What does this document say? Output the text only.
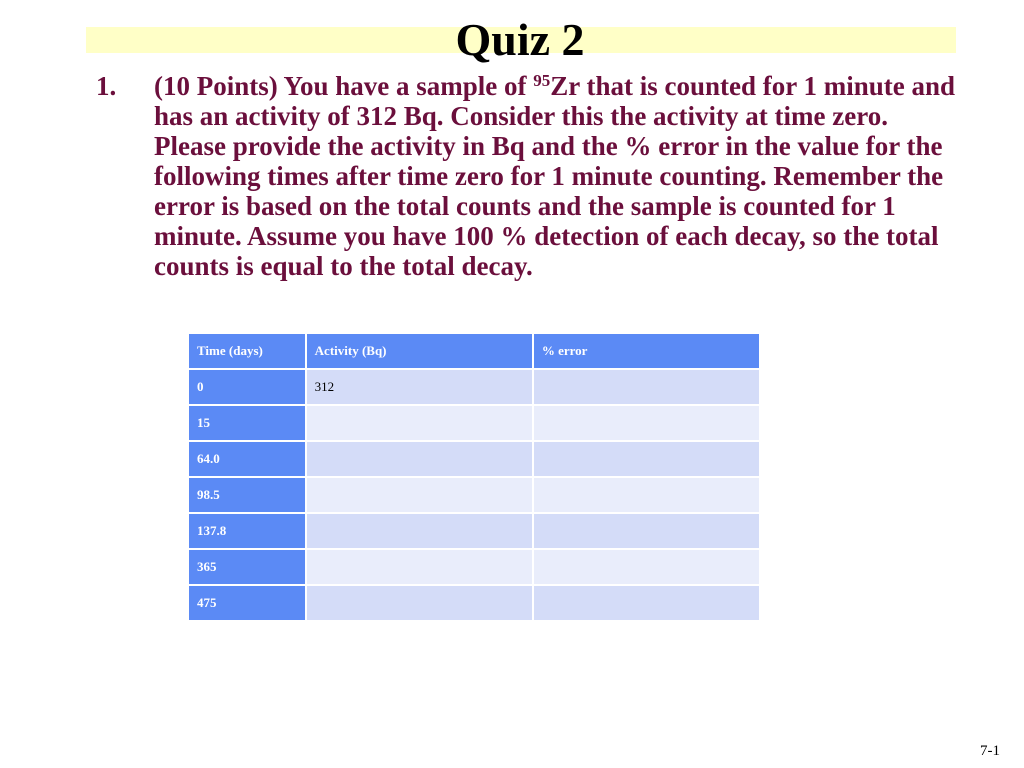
Quiz 2
1. (10 Points) You have a sample of $^{95}$Zr that is counted for 1 minute and has an activity of 312 Bq. Consider this the activity at time zero. Please provide the activity in Bq and the % error in the value for the following times after time zero for 1 minute counting. Remember the error is based on the total counts and the sample is counted for 1 minute. Assume you have 100 % detection of each decay, so the total counts is equal to the total decay.
Time (days)	Activity (Bq)	% error
0	312	
15		
64.0		
98.5		
137.8		
365		
475		
7-1
